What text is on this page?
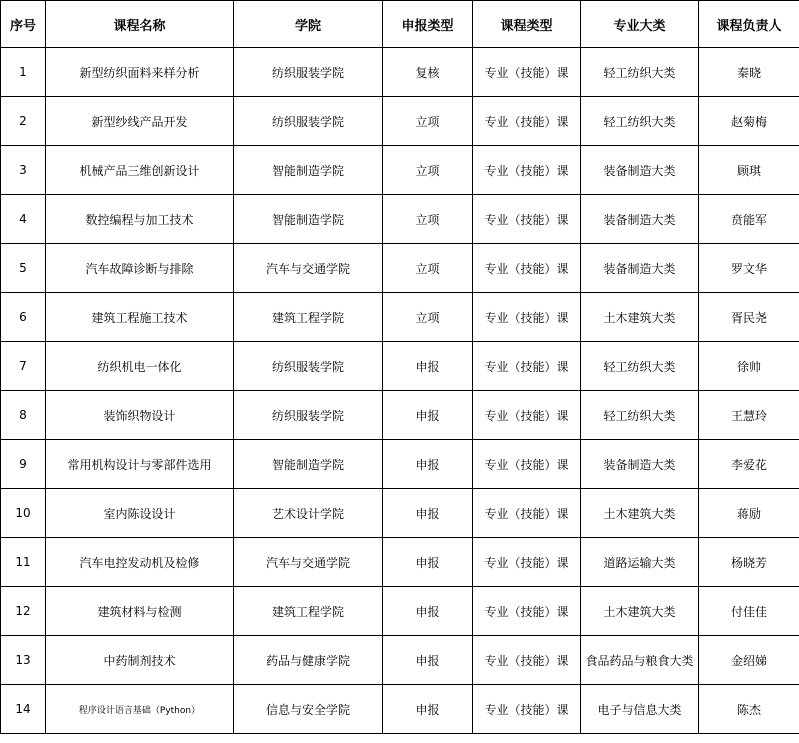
序号	课程名称	学院	申报类型	课程类型	专业大类	课程负责人
1	新型纺织面料来样分析	纺织服装学院	复核	专业（技能）课	轻工纺织大类	秦晓
2	新型纱线产品开发	纺织服装学院	立项	专业（技能）课	轻工纺织大类	赵菊梅
3	机械产品三维创新设计	智能制造学院	立项	专业（技能）课	装备制造大类	顾琪
4	数控编程与加工技术	智能制造学院	立项	专业（技能）课	装备制造大类	贲能军
5	汽车故障诊断与排除	汽车与交通学院	立项	专业（技能）课	装备制造大类	罗文华
6	建筑工程施工技术	建筑工程学院	立项	专业（技能）课	土木建筑大类	胥民尧
7	纺织机电一体化	纺织服装学院	申报	专业（技能）课	轻工纺织大类	徐帅
8	装饰织物设计	纺织服装学院	申报	专业（技能）课	轻工纺织大类	王慧玲
9	常用机构设计与零部件选用	智能制造学院	申报	专业（技能）课	装备制造大类	李爱花
10	室内陈设设计	艺术设计学院	申报	专业（技能）课	土木建筑大类	蒋励
11	汽车电控发动机及检修	汽车与交通学院	申报	专业（技能）课	道路运输大类	杨晓芳
12	建筑材料与检测	建筑工程学院	申报	专业（技能）课	土木建筑大类	付佳佳
13	中药制剂技术	药品与健康学院	申报	专业（技能）课	食品药品与粮食大类	金绍娣
14	程序设计语言基础（Python）	信息与安全学院	申报	专业（技能）课	电子与信息大类	陈杰
